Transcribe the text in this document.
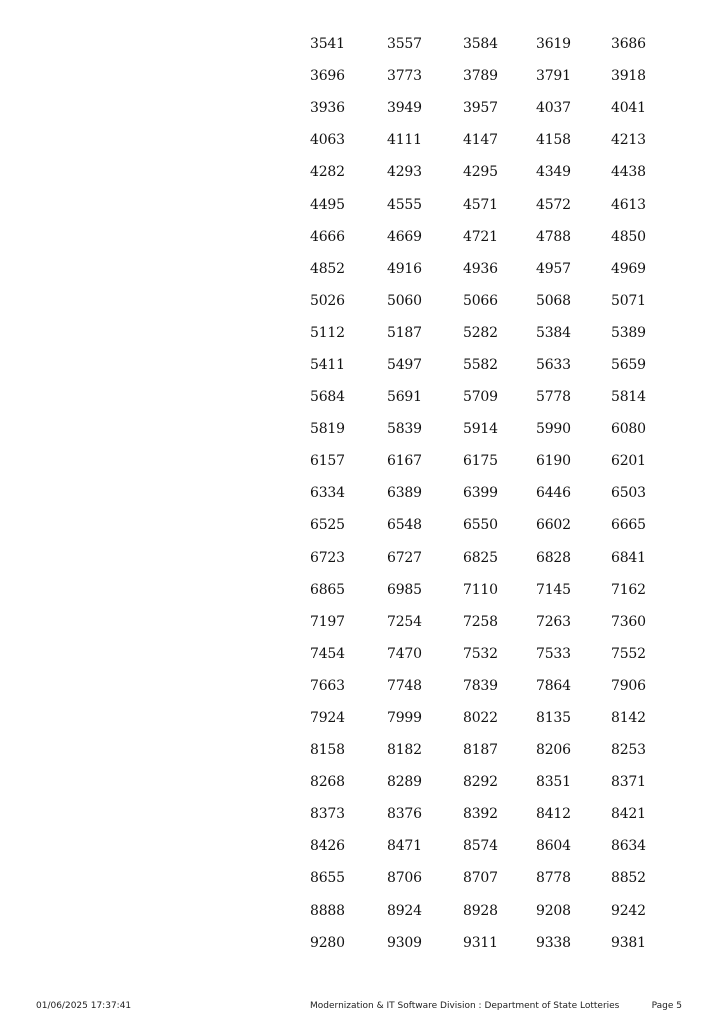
3541	3557	3584	3619	3686
3696	3773	3789	3791	3918
3936	3949	3957	4037	4041
4063	4111	4147	4158	4213
4282	4293	4295	4349	4438
4495	4555	4571	4572	4613
4666	4669	4721	4788	4850
4852	4916	4936	4957	4969
5026	5060	5066	5068	5071
5112	5187	5282	5384	5389
5411	5497	5582	5633	5659
5684	5691	5709	5778	5814
5819	5839	5914	5990	6080
6157	6167	6175	6190	6201
6334	6389	6399	6446	6503
6525	6548	6550	6602	6665
6723	6727	6825	6828	6841
6865	6985	7110	7145	7162
7197	7254	7258	7263	7360
7454	7470	7532	7533	7552
7663	7748	7839	7864	7906
7924	7999	8022	8135	8142
8158	8182	8187	8206	8253
8268	8289	8292	8351	8371
8373	8376	8392	8412	8421
8426	8471	8574	8604	8634
8655	8706	8707	8778	8852
8888	8924	8928	9208	9242
9280	9309	9311	9338	9381
01/06/2025 17:37:41	Modernization & IT Software Division : Department of State Lotteries	Page 5
